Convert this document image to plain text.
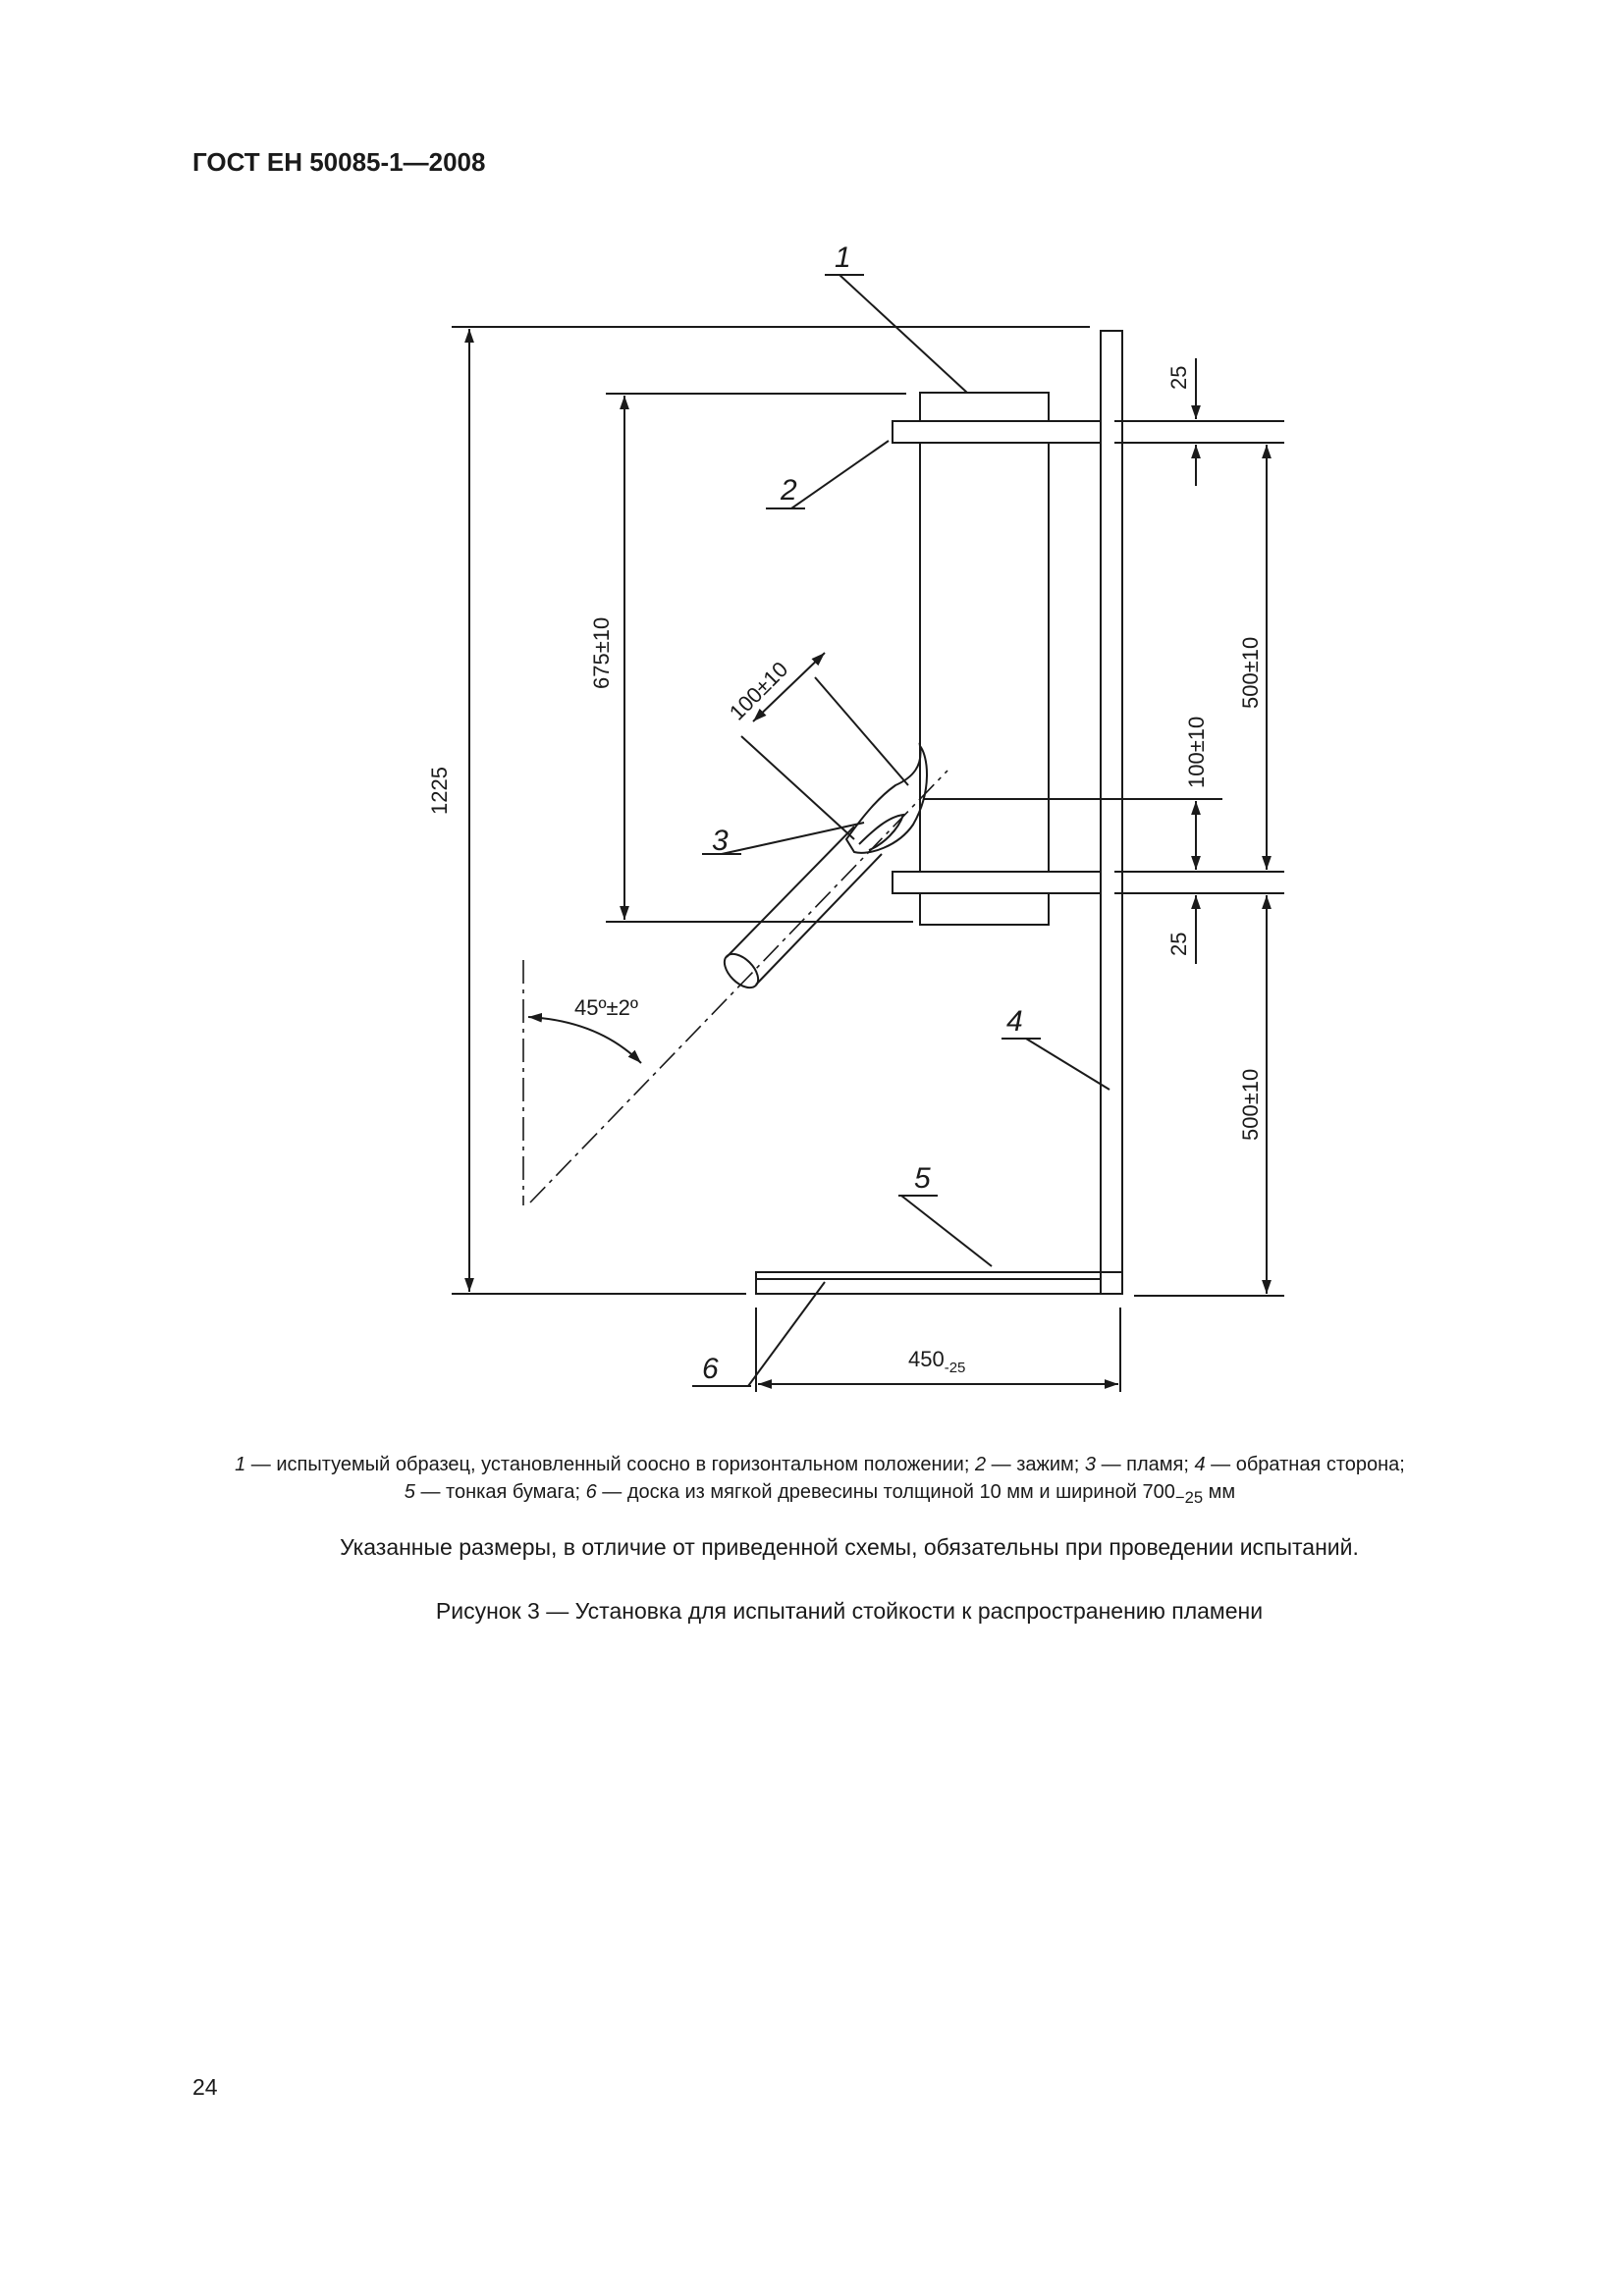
ГОСТ ЕН 50085-1—2008
1
2
3
4
5
6
1225
675±10
100±10
100±10
25
25
500±10
500±10
45º±2º
$450_{-25}$
1 — испытуемый образец, установленный соосно в горизонтальном положении; 2 — зажим; 3 — пламя; 4 — обратная сторона;
5 — тонкая бумага; 6 — доска из мягкой древесины толщиной 10 мм и шириной $700_{-25}$ мм
Указанные размеры, в отличие от приведенной схемы, обязательны при проведении испытаний.
Рисунок 3 — Установка для испытаний стойкости к распространению пламени
24
